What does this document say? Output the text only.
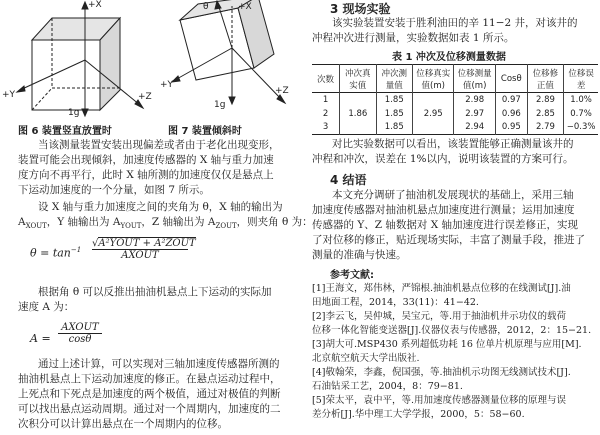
+X
+Y	+Z
1g
θ	+X
+Y
+Z
1g
图 6 装置竖直放置时	图 7 装置倾斜时
当该测量装置安装出现偏差或者由于老化出现变形，
装置可能会出现倾斜，加速度传感器的 X 轴与重力加速
度方向不再平行，此时 X 轴所测的加速度仅仅是悬点上
下运动加速度的一个分量，如图 7 所示。
设 X 轴与重力加速度之间的夹角为 θ，X 轴的输出为
$A_{XOUT}$，Y 轴输出为 $A_{YOUT}$，Z 轴输出为 $A_{ZOUT}$，则夹角 θ 为：
$\theta = \tan^{-1}$
√A²YOUT + A²ZOUT
AXOUT
根据角 θ 可以反推出抽油机悬点上下运动的实际加
速度 A 为：
A =
AXOUT
cosθ
通过上述计算，可以实现对三轴加速度传感器所测的
抽油机悬点上下运动加速度的修正。在悬点运动过程中，
上死点和下死点是加速度的两个极值，通过对极值的判断
可以找出悬点运动周期。通过对一个周期内，加速度的二
次积分可以计算出悬点在一个周期内的位移。
3 现场实验
该实验装置安装于胜利油田的辛 11−2 井，对该井的
冲程冲次进行测量，实验数据如表 1 所示。
表 1 冲次及位移测量数据
次数	冲次真实值	冲次测量值	位移真实值(m)	位移测量值(m)	Cosθ	位移修正值	位移误差
1	1.86	1.85	2.95	2.98	0.97	2.89	1.0%
2		1.85		2.97	0.96	2.85	0.7%
3		1.85		2.94	0.95	2.79	−0.3%
对比实验数据可以看出，该装置能够正确测量该井的
冲程和冲次，误差在 1%以内，说明该装置的方案可行。
4 结语
本文充分调研了抽油机发展现状的基础上，采用三轴
加速度传感器对抽油机悬点加速度进行测量；运用加速度
传感器的 Y、Z 轴数据对 X 轴加速度进行误差修正，实现
了对位移的修正，贴近现场实际，丰富了测量手段，推进了
测量的准确与快速。
参考文献:
[1]王海文，郑伟林，严锦根.抽油机悬点位移的在线测试[J].油
田地面工程，2014，33(11)：41−42.
[2]李云飞，吴仲城，吴宝元，等.用于抽油机井示功仪的载荷
位移一体化智能变送器[J].仪器仪表与传感器，2012，2：15−21.
[3]胡大可.MSP430 系列超低功耗 16 位单片机原理与应用[M].
北京航空航天大学出版社.
[4]敬翰荣，李鑫，倪国强，等.抽油机示功图无线测试技术[J].
石油钻采工艺，2004，8：79−81.
[5]荣太平，袁中平，等.用加速度传感器测量位移的原理与误
差分析[J].华中理工大学学报，2000，5：58−60.
